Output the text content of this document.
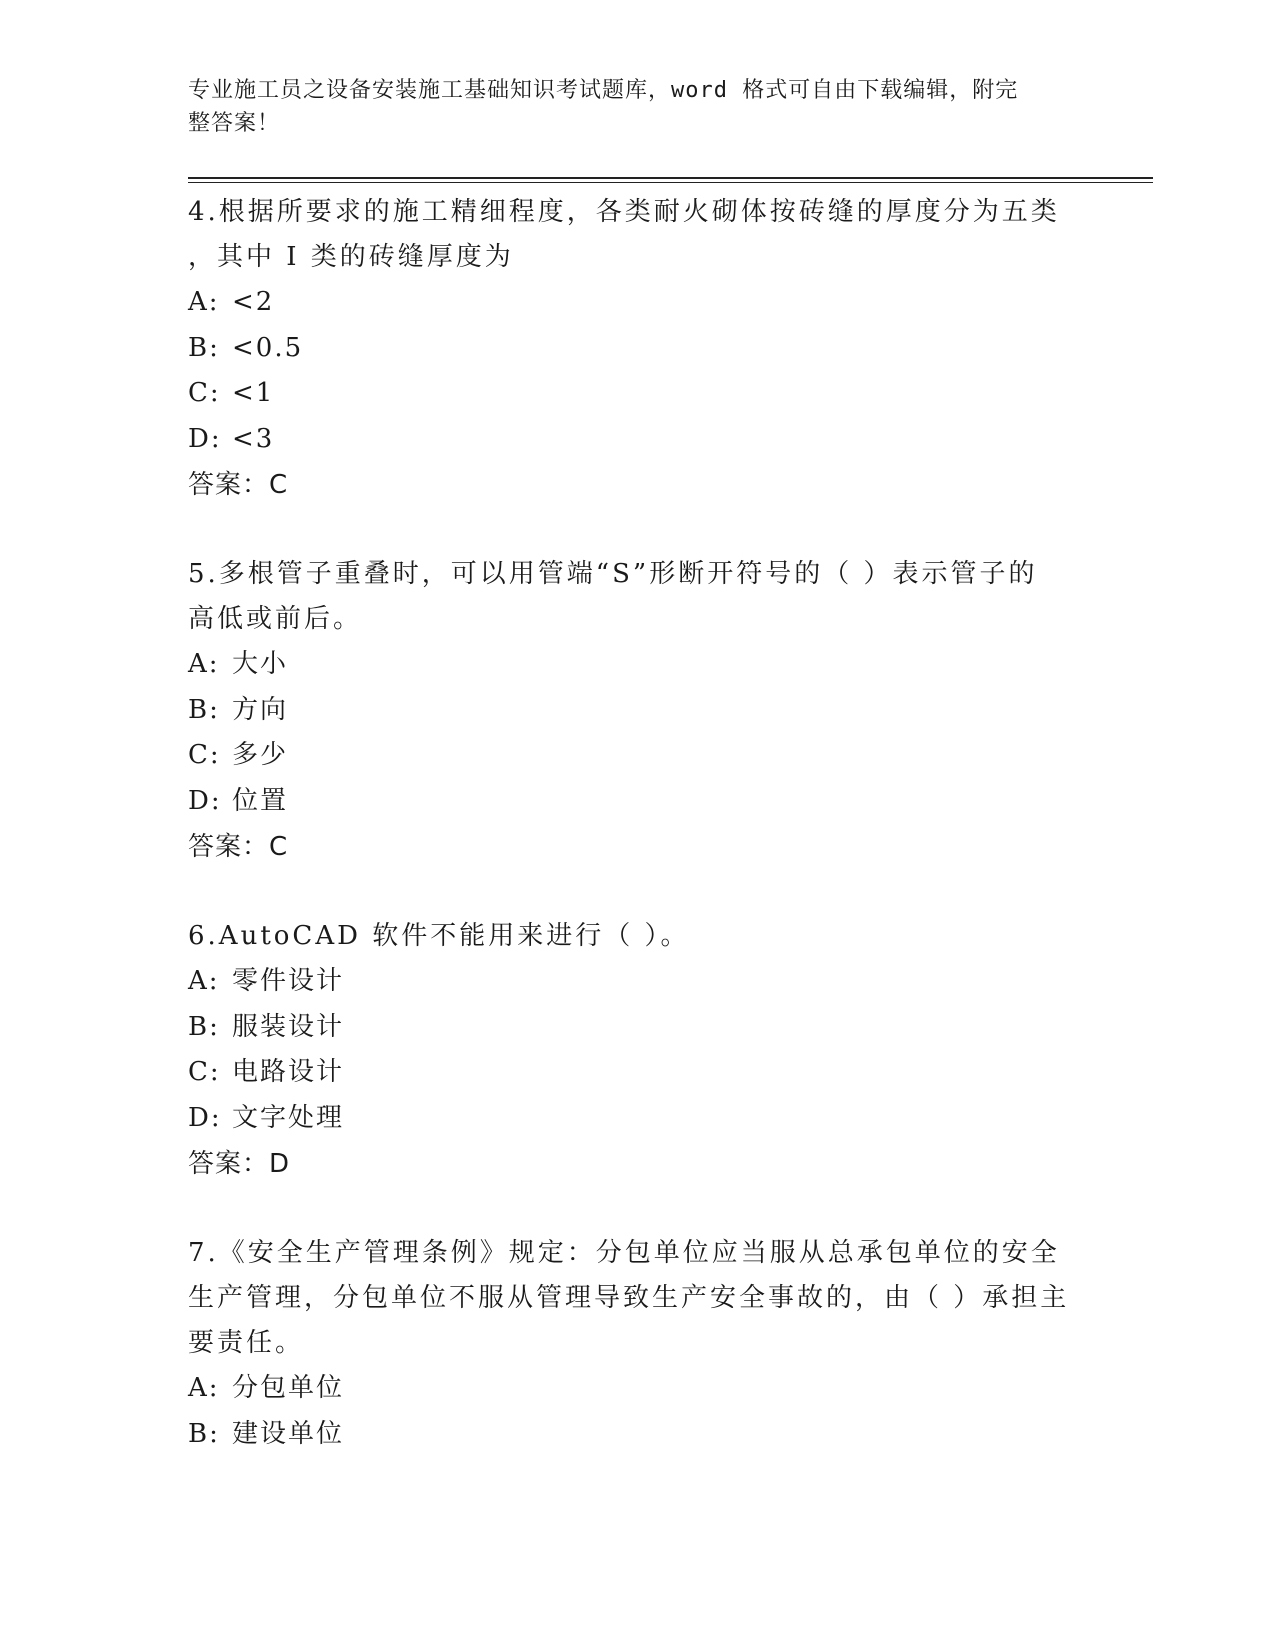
专业施工员之设备安装施工基础知识考试题库，word 格式可自由下载编辑，附完
整答案！
4.根据所要求的施工精细程度，各类耐火砌体按砖缝的厚度分为五类
，其中 I 类的砖缝厚度为
A: <2
B: <0.5
C: <1
D: <3
答案：C
5.多根管子重叠时，可以用管端“S”形断开符号的（ ）表示管子的
高低或前后。
A: 大小
B: 方向
C: 多少
D: 位置
答案：C
6.AutoCAD 软件不能用来进行（ ）。
A: 零件设计
B: 服装设计
C: 电路设计
D: 文字处理
答案：D
7.《安全生产管理条例》规定：分包单位应当服从总承包单位的安全
生产管理，分包单位不服从管理导致生产安全事故的，由（ ）承担主
要责任。
A: 分包单位
B: 建设单位
